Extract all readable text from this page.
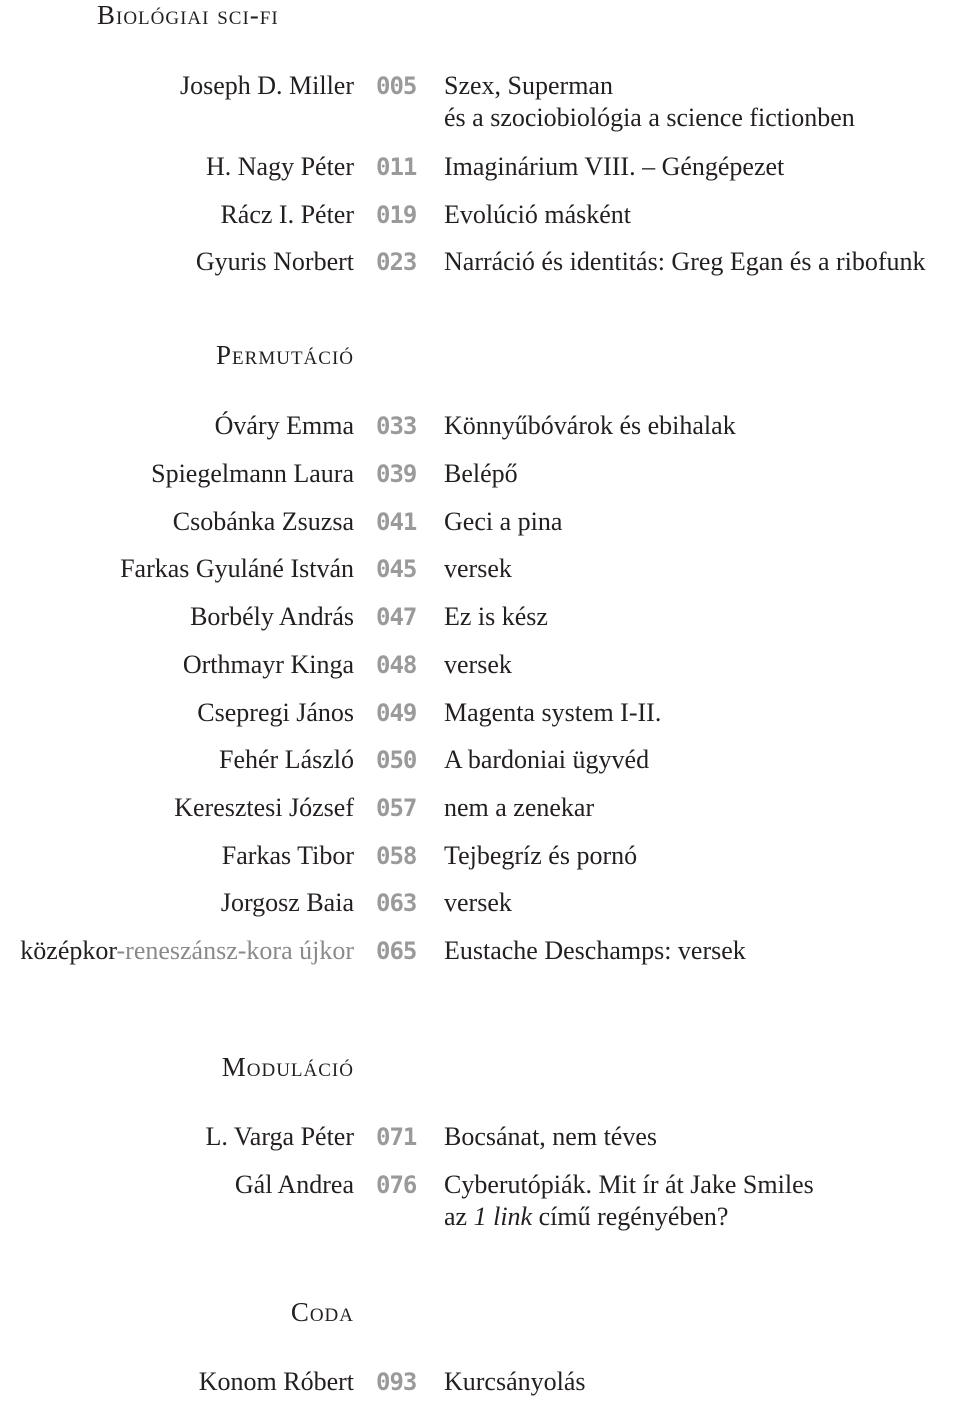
Biológiai sci-fi
Joseph D. Miller 005 Szex, Superman
és a szociobiológia a science fictionben
H. Nagy Péter 011 Imaginárium VIII. – Géngépezet
Rácz I. Péter 019 Evolúció másként
Gyuris Norbert 023 Narráció és identitás: Greg Egan és a ribofunk
Permutáció
Óváry Emma 033 Könnyűbóvárok és ebihalak
Spiegelmann Laura 039 Belépő
Csobánka Zsuzsa 041 Geci a pina
Farkas Gyuláné István 045 versek
Borbély András 047 Ez is kész
Orthmayr Kinga 048 versek
Csepregi János 049 Magenta system I-II.
Fehér László 050 A bardoniai ügyvéd
Keresztesi József 057 nem a zenekar
Farkas Tibor 058 Tejbegríz és pornó
Jorgosz Baia 063 versek
középkor-reneszánsz-kora újkor 065 Eustache Deschamps: versek
Moduláció
L. Varga Péter 071 Bocsánat, nem téves
Gál Andrea 076 Cyberutópiák. Mit ír át Jake Smiles
az 1 link című regényében?
Coda
Konom Róbert 093 Kurcsányolás
